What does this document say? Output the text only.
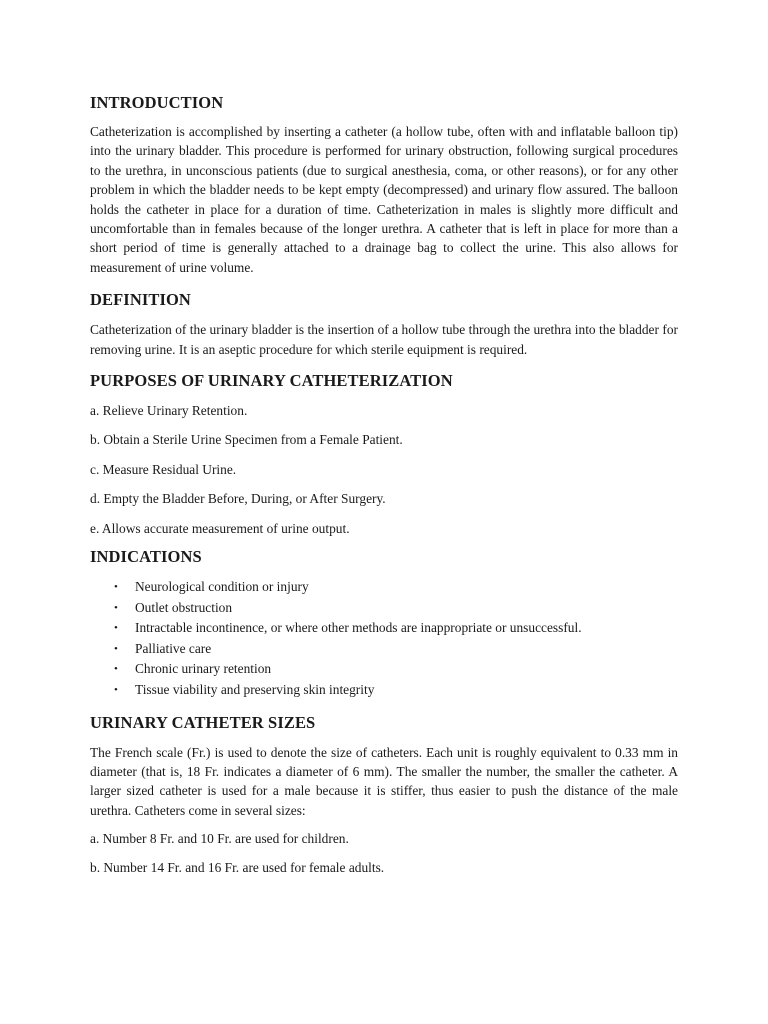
INTRODUCTION

Catheterization is accomplished by inserting a catheter (a hollow tube, often with and inflatable balloon tip) into the urinary bladder. This procedure is performed for urinary obstruction, following surgical procedures to the urethra, in unconscious patients (due to surgical anesthesia, coma, or other reasons), or for any other problem in which the bladder needs to be kept empty (decompressed) and urinary flow assured. The balloon holds the catheter in place for a duration of time. Catheterization in males is slightly more difficult and uncomfortable than in females because of the longer urethra. A catheter that is left in place for more than a short period of time is generally attached to a drainage bag to collect the urine. This also allows for measurement of urine volume.

DEFINITION

Catheterization of the urinary bladder is the insertion of a hollow tube through the urethra into the bladder for removing urine. It is an aseptic procedure for which sterile equipment is required.

PURPOSES OF URINARY CATHETERIZATION

a. Relieve Urinary Retention.

b. Obtain a Sterile Urine Specimen from a Female Patient.

c. Measure Residual Urine.

d. Empty the Bladder Before, During, or After Surgery.

e. Allows accurate measurement of urine output.

INDICATIONS
• Neurological condition or injury
• Outlet obstruction
• Intractable incontinence, or where other methods are inappropriate or unsuccessful.
• Palliative care
• Chronic urinary retention
• Tissue viability and preserving skin integrity
URINARY CATHETER SIZES

The French scale (Fr.) is used to denote the size of catheters. Each unit is roughly equivalent to 0.33 mm in diameter (that is, 18 Fr. indicates a diameter of 6 mm). The smaller the number, the smaller the catheter. A larger sized catheter is used for a male because it is stiffer, thus easier to push the distance of the male urethra. Catheters come in several sizes:

a. Number 8 Fr. and 10 Fr. are used for children.

b. Number 14 Fr. and 16 Fr. are used for female adults.
